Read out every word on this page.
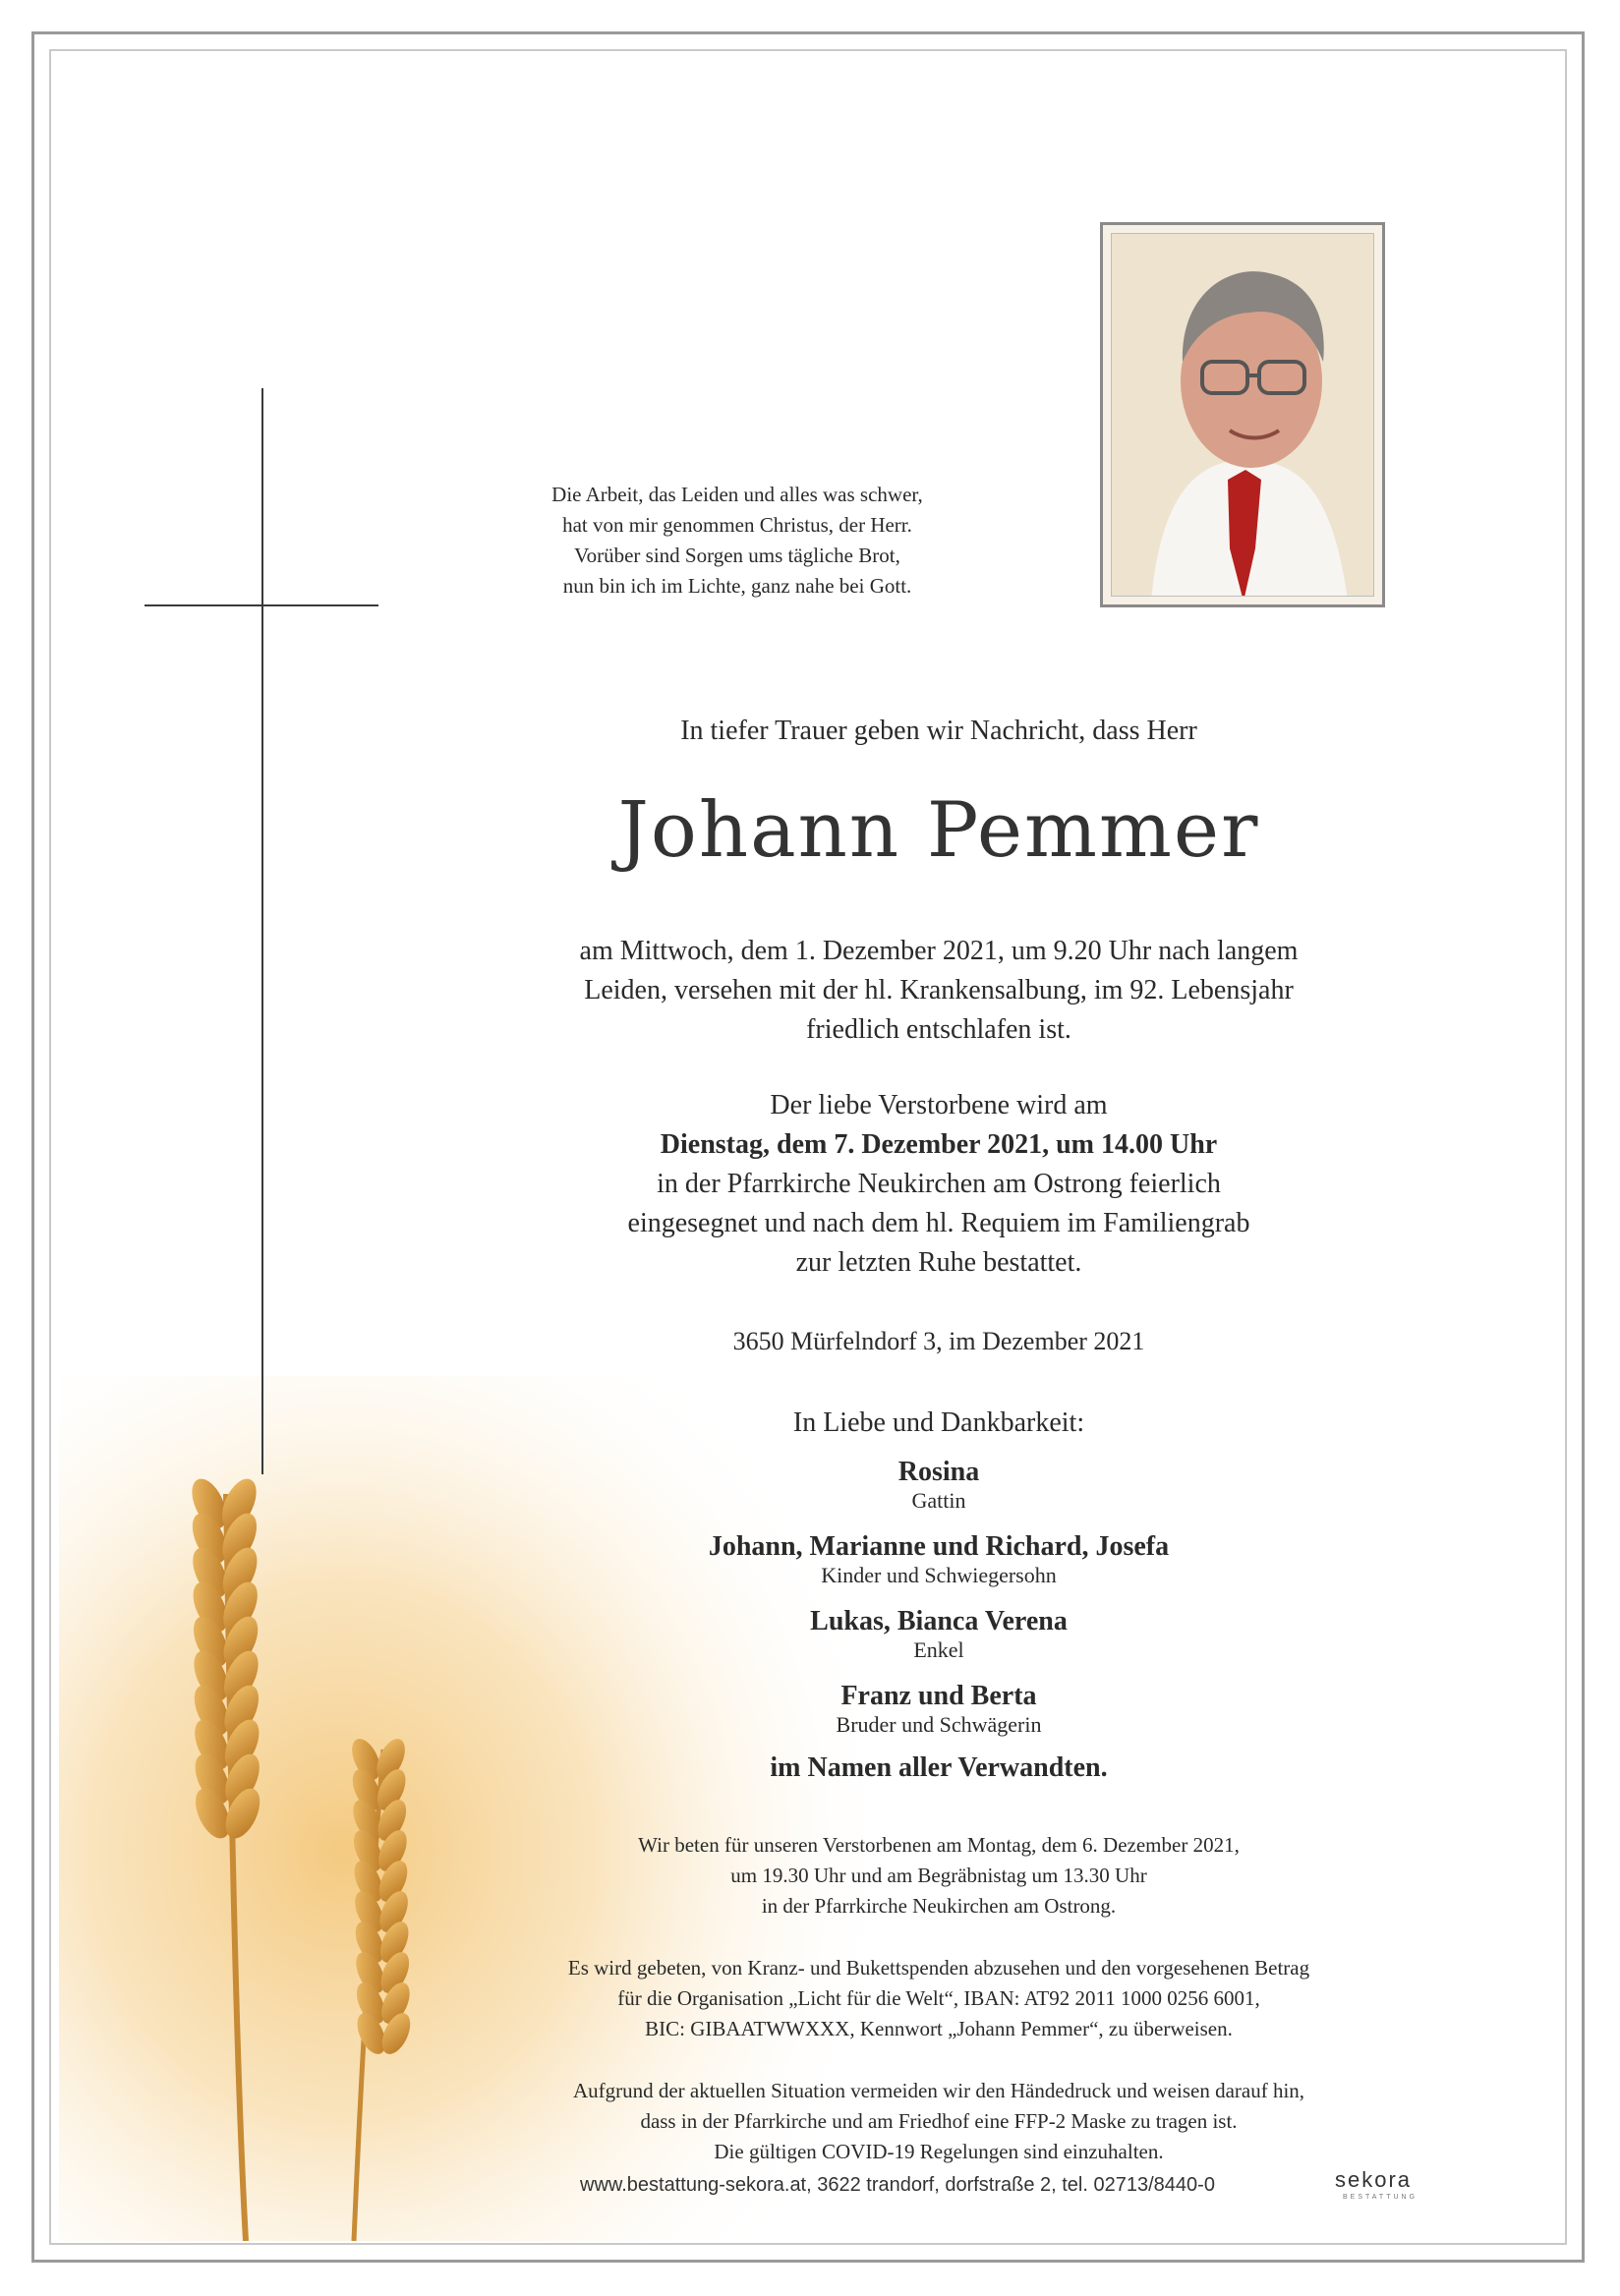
Die Arbeit, das Leiden und alles was schwer,
hat von mir genommen Christus, der Herr.
Vorüber sind Sorgen ums tägliche Brot,
nun bin ich im Lichte, ganz nahe bei Gott.
In tiefer Trauer geben wir Nachricht, dass Herr
Johann Pemmer
am Mittwoch, dem 1. Dezember 2021, um 9.20 Uhr nach langem
Leiden, versehen mit der hl. Krankensalbung, im 92. Lebensjahr
friedlich entschlafen ist.
Der liebe Verstorbene wird am
Dienstag, dem 7. Dezember 2021, um 14.00 Uhr
in der Pfarrkirche Neukirchen am Ostrong feierlich
eingesegnet und nach dem hl. Requiem im Familiengrab
zur letzten Ruhe bestattet.
3650 Mürfelndorf 3, im Dezember 2021
In Liebe und Dankbarkeit:
Rosina
Gattin
Johann, Marianne und Richard, Josefa
Kinder und Schwiegersohn
Lukas, Bianca Verena
Enkel
Franz und Berta
Bruder und Schwägerin
im Namen aller Verwandten.
Wir beten für unseren Verstorbenen am Montag, dem 6. Dezember 2021,
um 19.30 Uhr und am Begräbnistag um 13.30 Uhr
in der Pfarrkirche Neukirchen am Ostrong.
Es wird gebeten, von Kranz- und Bukettspenden abzusehen und den vorgesehenen Betrag
für die Organisation „Licht für die Welt“, IBAN: AT92 2011 1000 0256 6001,
BIC: GIBAATWWXXX, Kennwort „Johann Pemmer“, zu überweisen.
Aufgrund der aktuellen Situation vermeiden wir den Händedruck und weisen darauf hin,
dass in der Pfarrkirche und am Friedhof eine FFP-2 Maske zu tragen ist.
Die gültigen COVID-19 Regelungen sind einzuhalten.
www.bestattung-sekora.at, 3622 trandorf, dorfstraße 2, tel. 02713/8440-0	sekora
BESTATTUNG
